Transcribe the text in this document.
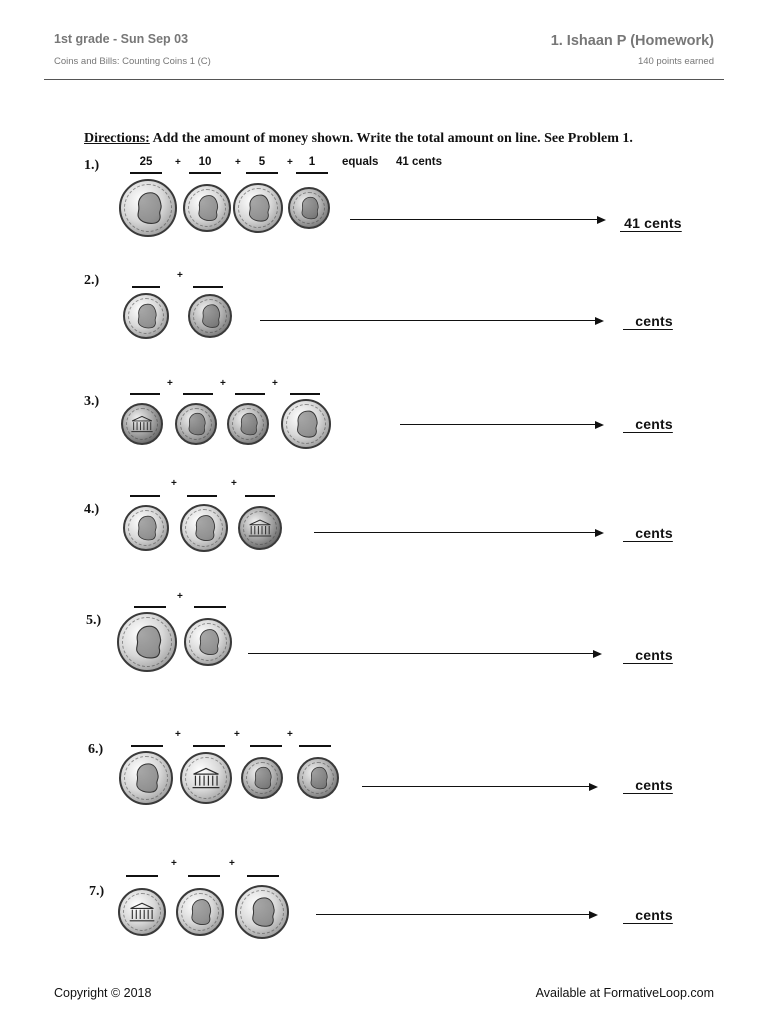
1st grade - Sun Sep 03
Coins and Bills: Counting Coins 1 (C)
1. Ishaan P (Homework)
140 points earned
Directions: Add the amount of money shown. Write the total amount on line. See Problem 1.
1.)	25	10	5	1
+	+	+	equals 41 cents
41 cents
2.)	+
cents
3.)
+	+	+
cents
4.)
+	+
cents
5.)
+
cents
6.)
+	+	+
cents
7.)
+	+
cents
Copyright © 2018	Available at FormativeLoop.com
